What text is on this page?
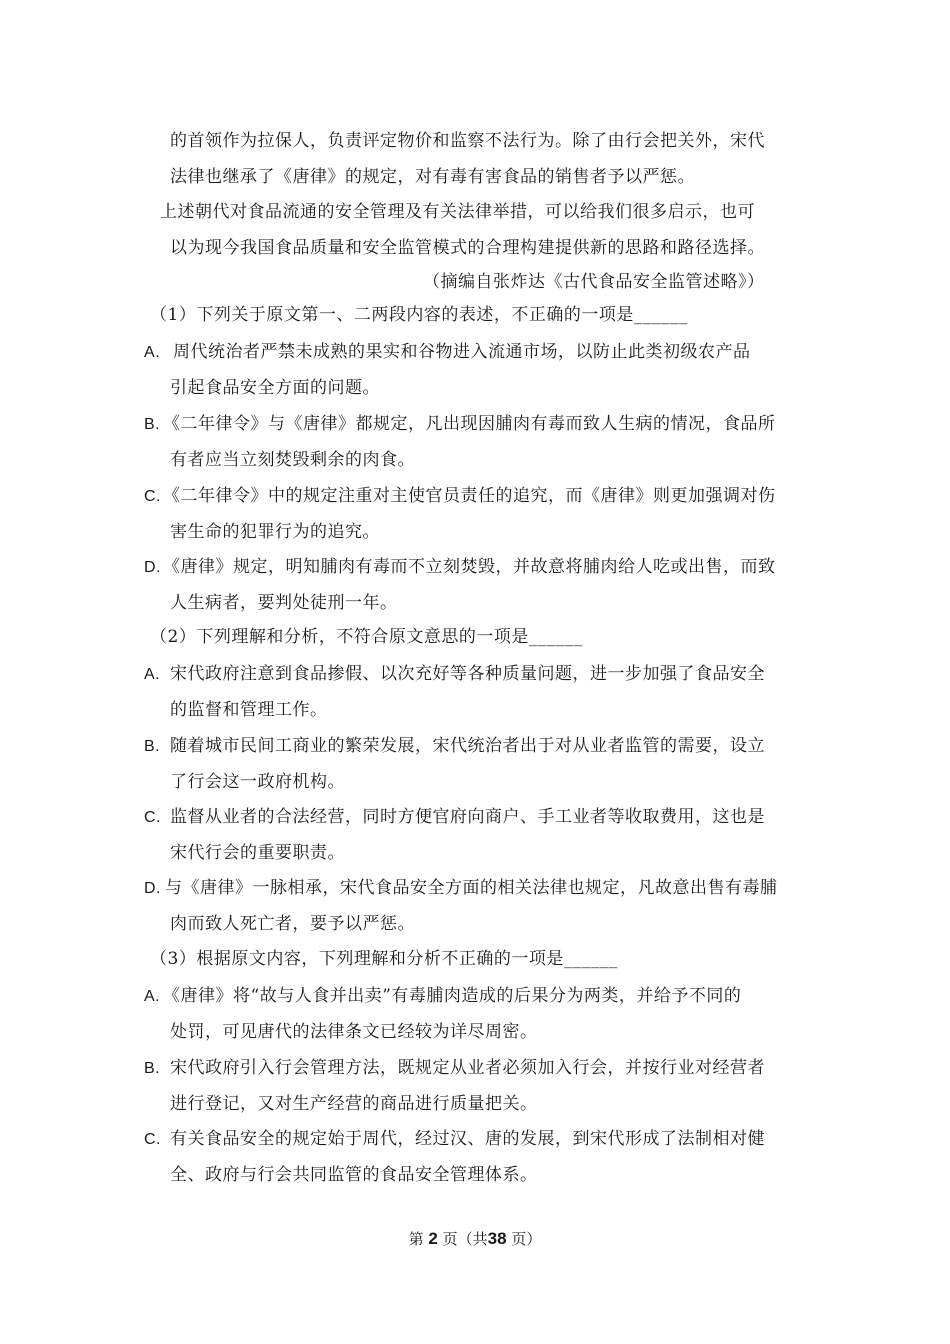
的首领作为拉保人，负责评定物价和监察不法行为。除了由行会把关外，宋代
法律也继承了《唐律》的规定，对有毒有害食品的销售者予以严惩。
上述朝代对食品流通的安全管理及有关法律举措，可以给我们很多启示，也可
以为现今我国食品质量和安全监管模式的合理构建提供新的思路和路径选择。
（摘编自张炸达《古代食品安全监管述略》）
（1）下列关于原文第一、二两段内容的表述，不正确的一项是______
A. 周代统治者严禁未成熟的果实和谷物进入流通市场，以防止此类初级农产品
引起食品安全方面的问题。
B. 《二年律令》与《唐律》都规定，凡出现因脯肉有毒而致人生病的情况，食品所
有者应当立刻焚毁剩余的肉食。
C. 《二年律令》中的规定注重对主使官员责任的追究，而《唐律》则更加强调对伤
害生命的犯罪行为的追究。
D. 《唐律》规定，明知脯肉有毒而不立刻焚毁，并故意将脯肉给人吃或出售，而致
人生病者，要判处徒刑一年。
（2）下列理解和分析，不符合原文意思的一项是______
A. 宋代政府注意到食品掺假、以次充好等各种质量问题，进一步加强了食品安全
的监督和管理工作。
B. 随着城市民间工商业的繁荣发展，宋代统治者出于对从业者监管的需要，设立
了行会这一政府机构。
C. 监督从业者的合法经营，同时方便官府向商户、手工业者等收取费用，这也是
宋代行会的重要职责。
D. 与《唐律》一脉相承，宋代食品安全方面的相关法律也规定，凡故意出售有毒脯
肉而致人死亡者，要予以严惩。
（3）根据原文内容，下列理解和分析不正确的一项是______
A. 《唐律》将“故与人食并出卖”有毒脯肉造成的后果分为两类，并给予不同的
处罚，可见唐代的法律条文已经较为详尽周密。
B. 宋代政府引入行会管理方法，既规定从业者必须加入行会，并按行业对经营者
进行登记，又对生产经营的商品进行质量把关。
C. 有关食品安全的规定始于周代，经过汉、唐的发展，到宋代形成了法制相对健
全、政府与行会共同监管的食品安全管理体系。
第 2 页（共38 页）
